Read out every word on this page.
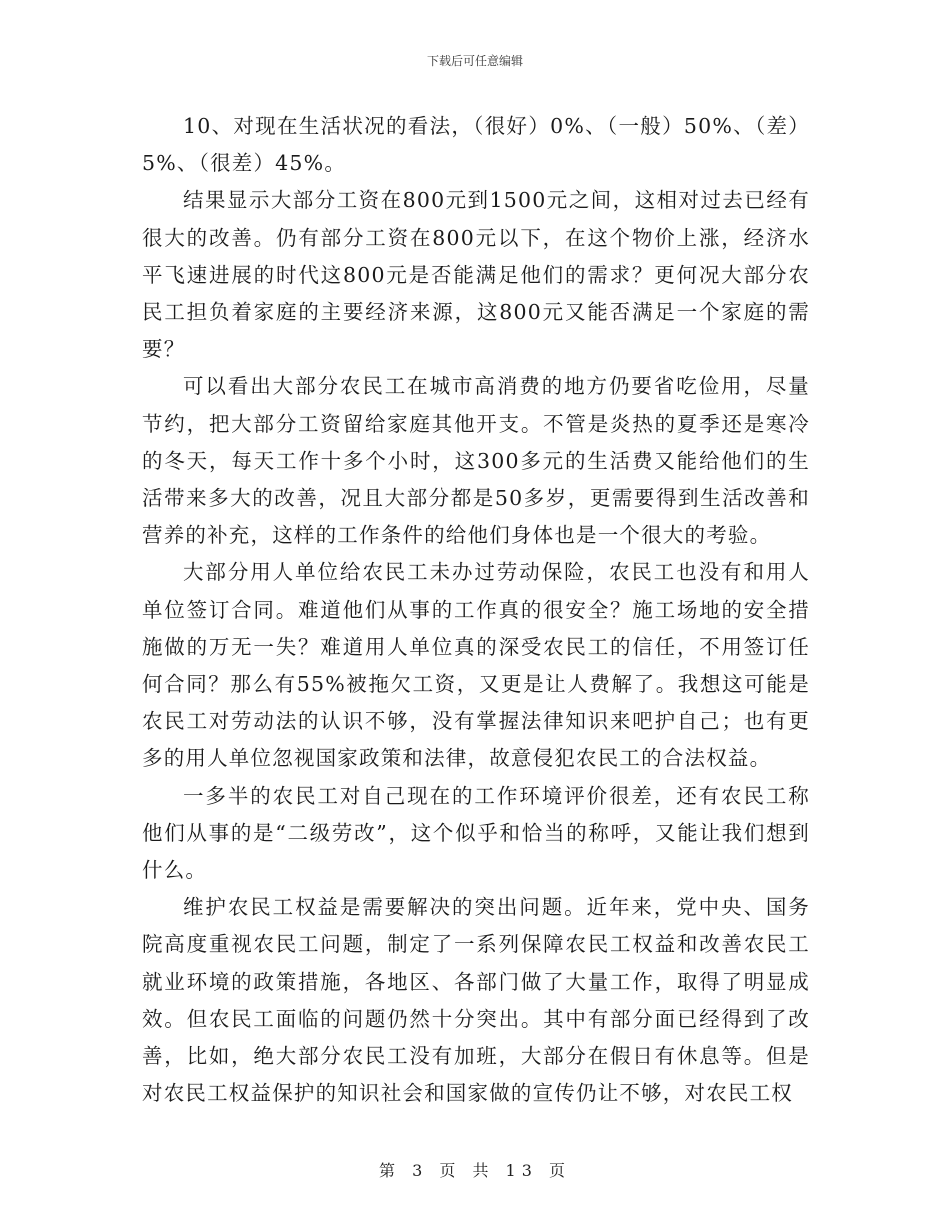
下载后可任意编辑

10、对现在生活状况的看法，（很好）0%、（一般）50%、（差）5%、（很差）45%。

结果显示大部分工资在800元到1500元之间，这相对过去已经有很大的改善。仍有部分工资在800元以下，在这个物价上涨，经济水平飞速进展的时代这800元是否能满足他们的需求？更何况大部分农民工担负着家庭的主要经济来源，这800元又能否满足一个家庭的需要？

可以看出大部分农民工在城市高消费的地方仍要省吃俭用，尽量节约，把大部分工资留给家庭其他开支。不管是炎热的夏季还是寒冷的冬天，每天工作十多个小时，这300多元的生活费又能给他们的生活带来多大的改善，况且大部分都是50多岁，更需要得到生活改善和营养的补充，这样的工作条件的给他们身体也是一个很大的考验。

大部分用人单位给农民工未办过劳动保险，农民工也没有和用人单位签订合同。难道他们从事的工作真的很安全？施工场地的安全措施做的万无一失？难道用人单位真的深受农民工的信任，不用签订任何合同？那么有55%被拖欠工资，又更是让人费解了。我想这可能是农民工对劳动法的认识不够，没有掌握法律知识来吧护自己；也有更多的用人单位忽视国家政策和法律，故意侵犯农民工的合法权益。

一多半的农民工对自己现在的工作环境评价很差，还有农民工称他们从事的是“二级劳改”，这个似乎和恰当的称呼，又能让我们想到什么。

维护农民工权益是需要解决的突出问题。近年来，党中央、国务院高度重视农民工问题，制定了一系列保障农民工权益和改善农民工就业环境的政策措施，各地区、各部门做了大量工作，取得了明显成效。但农民工面临的问题仍然十分突出。其中有部分面已经得到了改善，比如，绝大部分农民工没有加班，大部分在假日有休息等。但是对农民工权益保护的知识社会和国家做的宣传仍让不够，对农民工权

第 3 页 共 13 页
